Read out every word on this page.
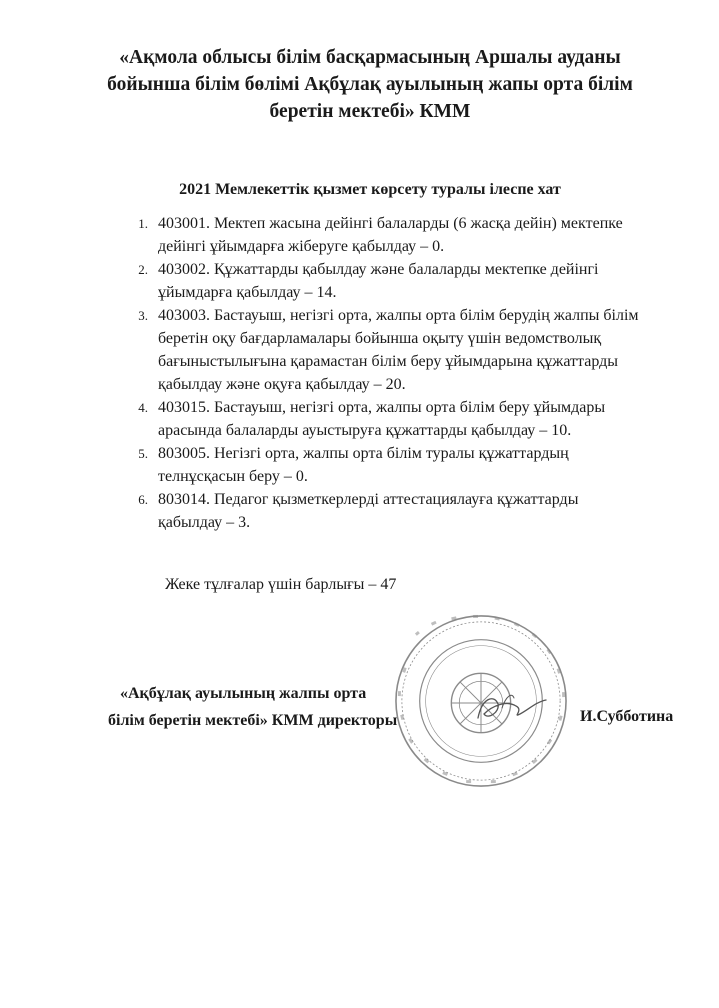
«Ақмола облысы білім басқармасының Аршалы ауданы
бойынша білім бөлімі Ақбұлақ ауылының жапы орта білім
беретін мектебі» КММ
2021 Мемлекеттік қызмет көрсету туралы ілеспе хат
1. 403001. Мектеп жасына дейінгі балаларды (6 жасқа дейін) мектепке
дейінгі ұйымдарға жіберуге қабылдау – 0.
2. 403002. Құжаттарды қабылдау және балаларды мектепке дейінгі
ұйымдарға қабылдау – 14.
3. 403003. Бастауыш, негізгі орта, жалпы орта білім берудің жалпы білім
беретін оқу бағдарламалары бойынша оқыту үшін ведомстволық
бағыныстылығына қарамастан білім беру ұйымдарына құжаттарды
қабылдау және оқуға қабылдау – 20.
4. 403015. Бастауыш, негізгі орта, жалпы орта білім беру ұйымдары
арасында балаларды ауыстыруға құжаттарды қабылдау – 10.
5. 803005. Негізгі орта, жалпы орта білім туралы құжаттардың
телнұсқасын беру – 0.
6. 803014. Педагог қызметкерлерді аттестациялауға құжаттарды
қабылдау – 3.
Жеке тұлғалар үшін барлығы – 47
«Ақбұлақ ауылының жалпы орта
білім беретін мектебі» КММ директоры	И.Субботина
